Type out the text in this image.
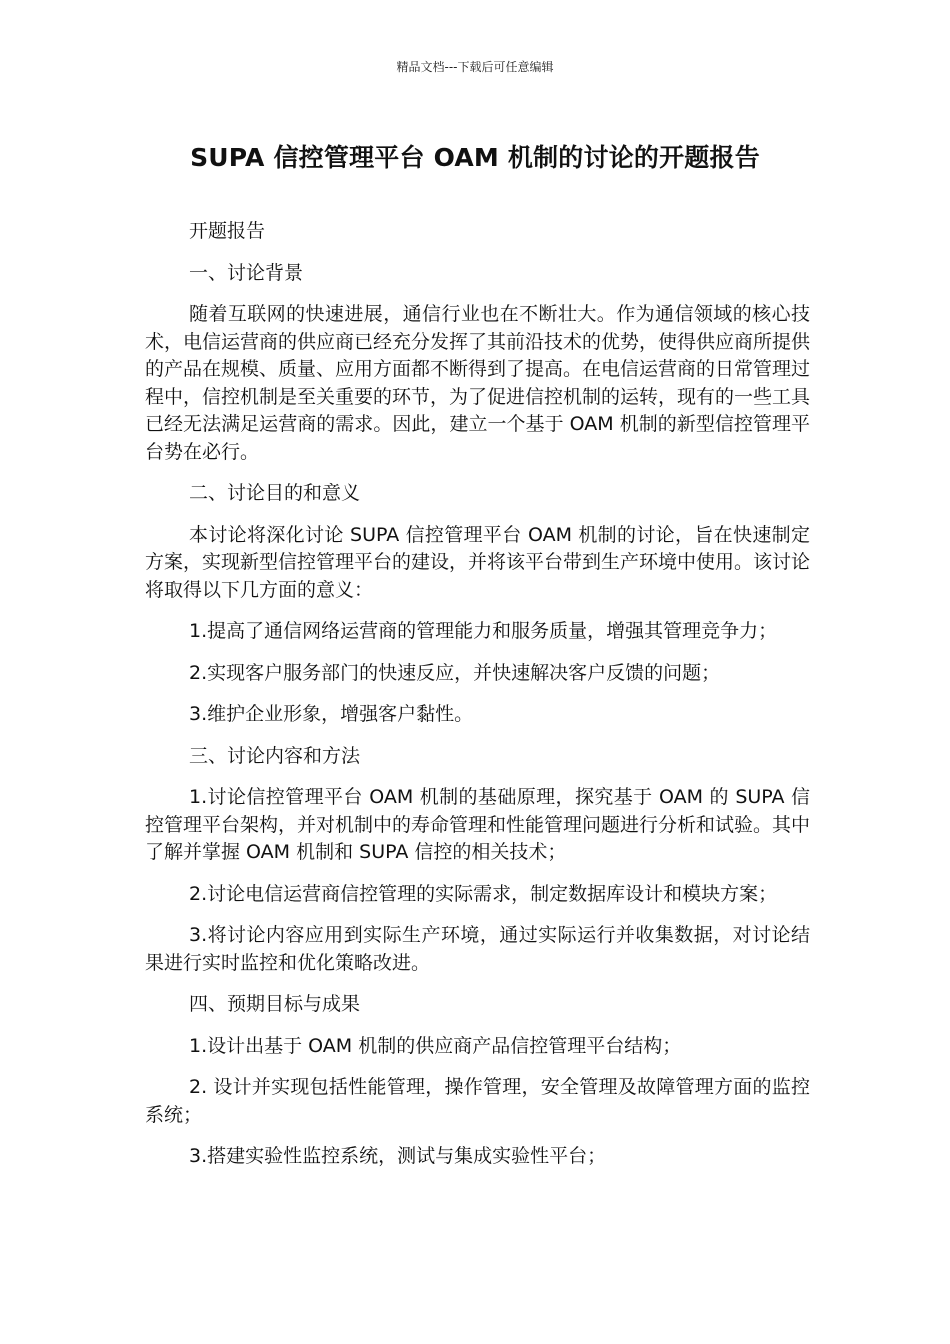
精品文档---下载后可任意编辑
SUPA 信控管理平台 OAM 机制的讨论的开题报告

开题报告

一、讨论背景

随着互联网的快速进展，通信行业也在不断壮大。作为通信领域的核心技术，电信运营商的供应商已经充分发挥了其前沿技术的优势，使得供应商所提供的产品在规模、质量、应用方面都不断得到了提高。在电信运营商的日常管理过程中，信控机制是至关重要的环节，为了促进信控机制的运转，现有的一些工具已经无法满足运营商的需求。因此，建立一个基于 OAM 机制的新型信控管理平台势在必行。

二、讨论目的和意义

本讨论将深化讨论 SUPA 信控管理平台 OAM 机制的讨论，旨在快速制定方案，实现新型信控管理平台的建设，并将该平台带到生产环境中使用。该讨论将取得以下几方面的意义：

1.提高了通信网络运营商的管理能力和服务质量，增强其管理竞争力；

2.实现客户服务部门的快速反应，并快速解决客户反馈的问题；

3.维护企业形象，增强客户黏性。

三、讨论内容和方法

1.讨论信控管理平台 OAM 机制的基础原理，探究基于 OAM 的 SUPA 信控管理平台架构，并对机制中的寿命管理和性能管理问题进行分析和试验。其中了解并掌握 OAM 机制和 SUPA 信控的相关技术；

2.讨论电信运营商信控管理的实际需求，制定数据库设计和模块方案；

3.将讨论内容应用到实际生产环境，通过实际运行并收集数据，对讨论结果进行实时监控和优化策略改进。

四、预期目标与成果

1.设计出基于 OAM 机制的供应商产品信控管理平台结构；

2. 设计并实现包括性能管理，操作管理，安全管理及故障管理方面的监控系统；

3.搭建实验性监控系统，测试与集成实验性平台；
